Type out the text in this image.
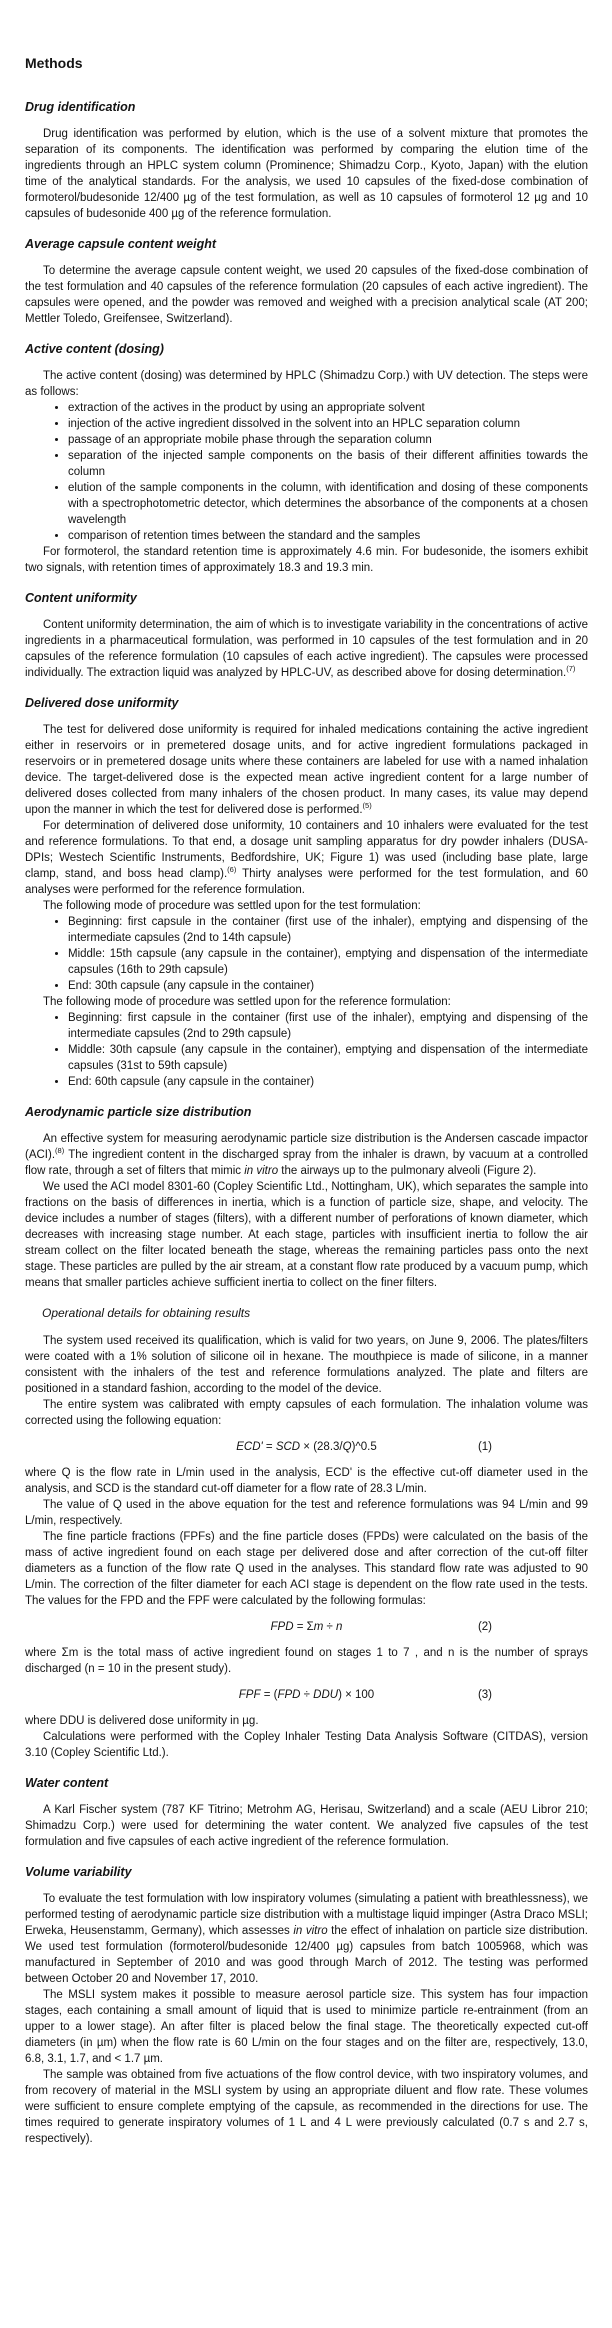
Methods
Drug identification

Drug identification was performed by elution, which is the use of a solvent mixture that promotes the separation of its components. The identification was performed by comparing the elution time of the ingredients through an HPLC system column (Prominence; Shimadzu Corp., Kyoto, Japan) with the elution time of the analytical standards. For the analysis, we used 10 capsules of the fixed-dose combination of formoterol/budesonide 12/400 µg of the test formulation, as well as 10 capsules of formoterol 12 µg and 10 capsules of budesonide 400 µg of the reference formulation.

Average capsule content weight

To determine the average capsule content weight, we used 20 capsules of the fixed-dose combination of the test formulation and 40 capsules of the reference formulation (20 capsules of each active ingredient). The capsules were opened, and the powder was removed and weighed with a precision analytical scale (AT 200; Mettler Toledo, Greifensee, Switzerland).

Active content (dosing)

The active content (dosing) was determined by HPLC (Shimadzu Corp.) with UV detection. The steps were as follows:

• extraction of the actives in the product by using an appropriate solvent
• injection of the active ingredient dissolved in the solvent into an HPLC separation column
• passage of an appropriate mobile phase through the separation column
• separation of the injected sample components on the basis of their different affinities towards the column
• elution of the sample components in the column, with identification and dosing of these components with a spectrophotometric detector, which determines the absorbance of the components at a chosen wavelength
• comparison of retention times between the standard and the samples

For formoterol, the standard retention time is approximately 4.6 min. For budesonide, the isomers exhibit two signals, with retention times of approximately 18.3 and 19.3 min.

Content uniformity

Content uniformity determination, the aim of which is to investigate variability in the concentrations of active ingredients in a pharmaceutical formulation, was performed in 10 capsules of the test formulation and in 20 capsules of the reference formulation (10 capsules of each active ingredient). The capsules were processed individually. The extraction liquid was analyzed by HPLC-UV, as described above for dosing determination.$^{(7)}$

Delivered dose uniformity

The test for delivered dose uniformity is required for inhaled medications containing the active ingredient either in reservoirs or in premetered dosage units, and for active ingredient formulations packaged in reservoirs or in premetered dosage units where these containers are labeled for use with a named inhalation device. The target-delivered dose is the expected mean active ingredient content for a large number of delivered doses collected from many inhalers of the chosen product. In many cases, its value may depend upon the manner in which the test for delivered dose is performed.$^{(5)}$

For determination of delivered dose uniformity, 10 containers and 10 inhalers were evaluated for the test and reference formulations. To that end, a dosage unit sampling apparatus for dry powder inhalers (DUSA-DPIs; Westech Scientific Instruments, Bedfordshire, UK; Figure 1) was used (including base plate, large clamp, stand, and boss head clamp).$^{(6)}$ Thirty analyses were performed for the test formulation, and 60 analyses were performed for the reference formulation.

The following mode of procedure was settled upon for the test formulation:

• Beginning: first capsule in the container (first use of the inhaler), emptying and dispensing of the intermediate capsules (2nd to 14th capsule)
• Middle: 15th capsule (any capsule in the container), emptying and dispensation of the intermediate capsules (16th to 29th capsule)
• End: 30th capsule (any capsule in the container)

The following mode of procedure was settled upon for the reference formulation:

• Beginning: first capsule in the container (first use of the inhaler), emptying and dispensing of the intermediate capsules (2nd to 29th capsule)
• Middle: 30th capsule (any capsule in the container), emptying and dispensation of the intermediate capsules (31st to 59th capsule)
• End: 60th capsule (any capsule in the container)
Aerodynamic particle size distribution

An effective system for measuring aerodynamic particle size distribution is the Andersen cascade impactor (ACI).$^{(8)}$ The ingredient content in the discharged spray from the inhaler is drawn, by vacuum at a controlled flow rate, through a set of filters that mimic in vitro the airways up to the pulmonary alveoli (Figure 2).

We used the ACI model 8301-60 (Copley Scientific Ltd., Nottingham, UK), which separates the sample into fractions on the basis of differences in inertia, which is a function of particle size, shape, and velocity. The device includes a number of stages (filters), with a different number of perforations of known diameter, which decreases with increasing stage number. At each stage, particles with insufficient inertia to follow the air stream collect on the filter located beneath the stage, whereas the remaining particles pass onto the next stage. These particles are pulled by the air stream, at a constant flow rate produced by a vacuum pump, which means that smaller particles achieve sufficient inertia to collect on the finer filters.

Operational details for obtaining results

The system used received its qualification, which is valid for two years, on June 9, 2006. The plates/filters were coated with a 1% solution of silicone oil in hexane. The mouthpiece is made of silicone, in a manner consistent with the inhalers of the test and reference formulations analyzed. The plate and filters are positioned in a standard fashion, according to the model of the device.

The entire system was calibrated with empty capsules of each formulation. The inhalation volume was corrected using the following equation:

ECD' = SCD × (28.3/Q)^0.5	(1)

where Q is the flow rate in L/min used in the analysis, ECD' is the effective cut-off diameter used in the analysis, and SCD is the standard cut-off diameter for a flow rate of 28.3 L/min.

The value of Q used in the above equation for the test and reference formulations was 94 L/min and 99 L/min, respectively.

The fine particle fractions (FPFs) and the fine particle doses (FPDs) were calculated on the basis of the mass of active ingredient found on each stage per delivered dose and after correction of the cut-off filter diameters as a function of the flow rate Q used in the analyses. This standard flow rate was adjusted to 90 L/min. The correction of the filter diameter for each ACI stage is dependent on the flow rate used in the tests. The values for the FPD and the FPF were calculated by the following formulas:

FPD = Σm ÷ n	(2)

where Σm is the total mass of active ingredient found on stages 1 to 7 , and n is the number of sprays discharged (n = 10 in the present study).

FPF = (FPD ÷ DDU) × 100	(3)

where DDU is delivered dose uniformity in µg.

Calculations were performed with the Copley Inhaler Testing Data Analysis Software (CITDAS), version 3.10 (Copley Scientific Ltd.).

Water content

A Karl Fischer system (787 KF Titrino; Metrohm AG, Herisau, Switzerland) and a scale (AEU Libror 210; Shimadzu Corp.) were used for determining the water content. We analyzed five capsules of the test formulation and five capsules of each active ingredient of the reference formulation.

Volume variability

To evaluate the test formulation with low inspiratory volumes (simulating a patient with breathlessness), we performed testing of aerodynamic particle size distribution with a multistage liquid impinger (Astra Draco MSLI; Erweka, Heusenstamm, Germany), which assesses in vitro the effect of inhalation on particle size distribution. We used test formulation (formoterol/budesonide 12/400 µg) capsules from batch 1005968, which was manufactured in September of 2010 and was good through March of 2012. The testing was performed between October 20 and November 17, 2010.

The MSLI system makes it possible to measure aerosol particle size. This system has four impaction stages, each containing a small amount of liquid that is used to minimize particle re-entrainment (from an upper to a lower stage). An after filter is placed below the final stage. The theoretically expected cut-off diameters (in µm) when the flow rate is 60 L/min on the four stages and on the filter are, respectively, 13.0, 6.8, 3.1, 1.7, and < 1.7 µm.

The sample was obtained from five actuations of the flow control device, with two inspiratory volumes, and from recovery of material in the MSLI system by using an appropriate diluent and flow rate. These volumes were sufficient to ensure complete emptying of the capsule, as recommended in the directions for use. The times required to generate inspiratory volumes of 1 L and 4 L were previously calculated (0.7 s and 2.7 s, respectively).
